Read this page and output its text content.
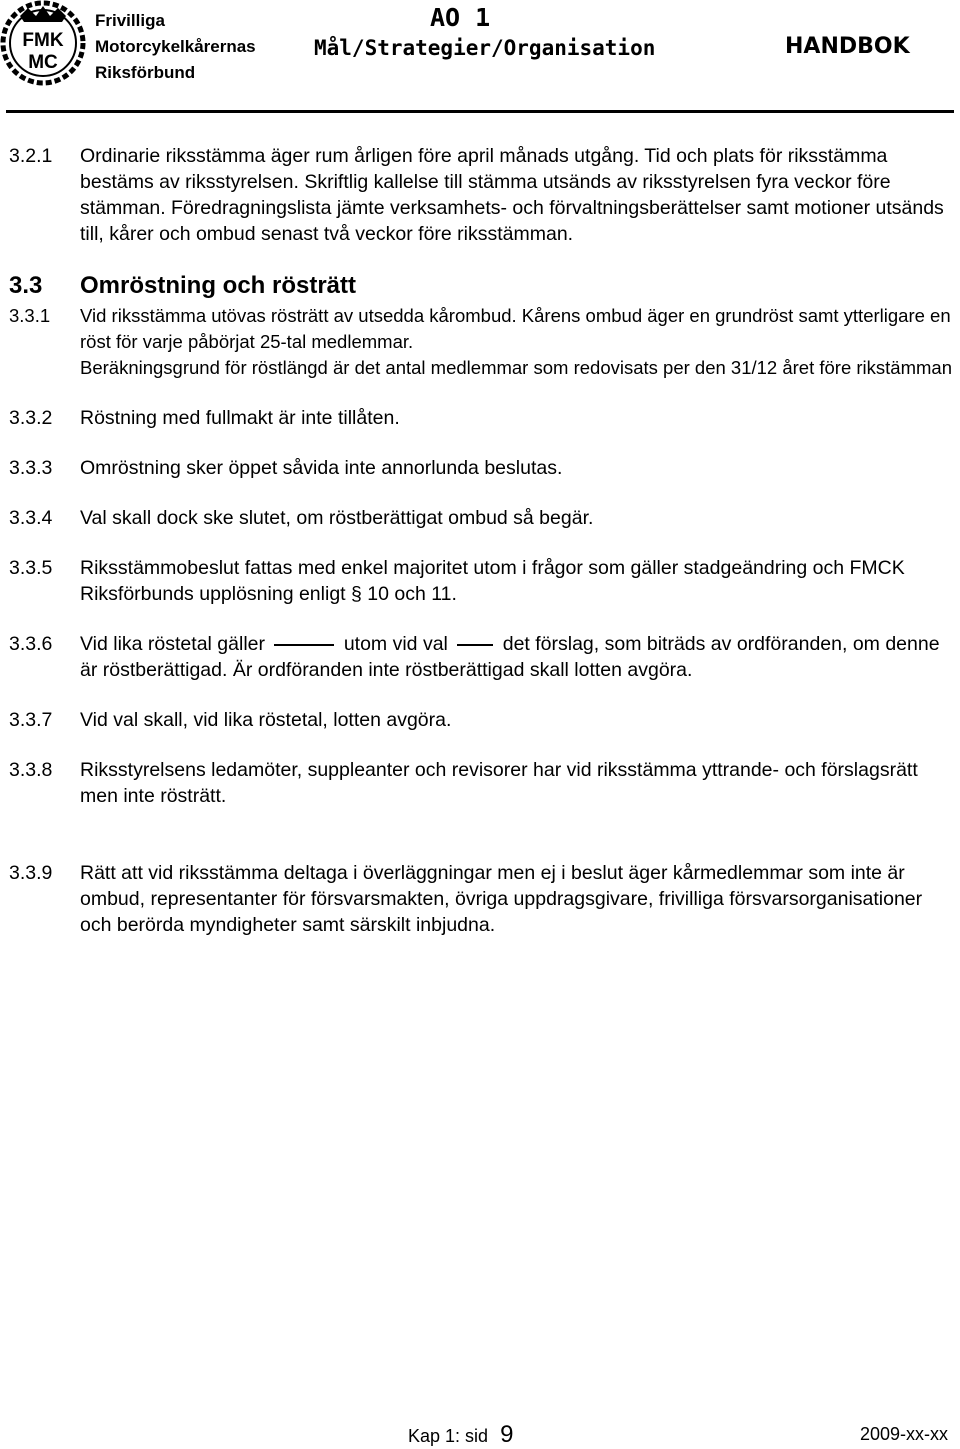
FMK
MC
Frivilliga
Motorcykelkårernas
Riksförbund
AO 1
Mål/Strategier/Organisation	HANDBOK
3.2.1	Ordinarie riksstämma äger rum årligen före april månads utgång. Tid och plats för riksstämma bestäms av riksstyrelsen. Skriftlig kallelse till stämma utsänds av riksstyrelsen fyra veckor före stämman. Föredragningslista jämte verksamhets- och förvaltningsberättelser samt motioner utsänds till, kårer och ombud senast två veckor före riksstämman.
3.3	Omröstning och rösträtt
3.3.1	Vid riksstämma utövas rösträtt av utsedda kårombud. Kårens ombud äger en grundröst samt ytterligare en röst för varje påbörjat 25-tal medlemmar.
Beräkningsgrund för röstlängd är det antal medlemmar som redovisats per den 31/12 året före rikstämman
3.3.2	Röstning med fullmakt är inte tillåten.
3.3.3	Omröstning sker öppet såvida inte annorlunda beslutas.
3.3.4	Val skall dock ske slutet, om röstberättigat ombud så begär.
3.3.5	Riksstämmobeslut fattas med enkel majoritet utom i frågor som gäller stadgeändring och FMCK Riksförbunds upplösning enligt § 10 och 11.
3.3.6	Vid lika röstetal gäller	utom vid val	det förslag, som biträds av ordföranden, om denne är röstberättigad. Är ordföranden inte röstberättigad skall lotten avgöra.
3.3.7	Vid val skall, vid lika röstetal, lotten avgöra.
3.3.8	Riksstyrelsens ledamöter, suppleanter och revisorer har vid riksstämma yttrande- och förslagsrätt men inte rösträtt.
3.3.9	Rätt att vid riksstämma deltaga i överläggningar men ej i beslut äger kårmedlemmar som inte är ombud, representanter för försvarsmakten, övriga uppdragsgivare, frivilliga försvarsorganisationer och berörda myndigheter samt särskilt inbjudna.
Kap 1: sid 9	2009-xx-xx
